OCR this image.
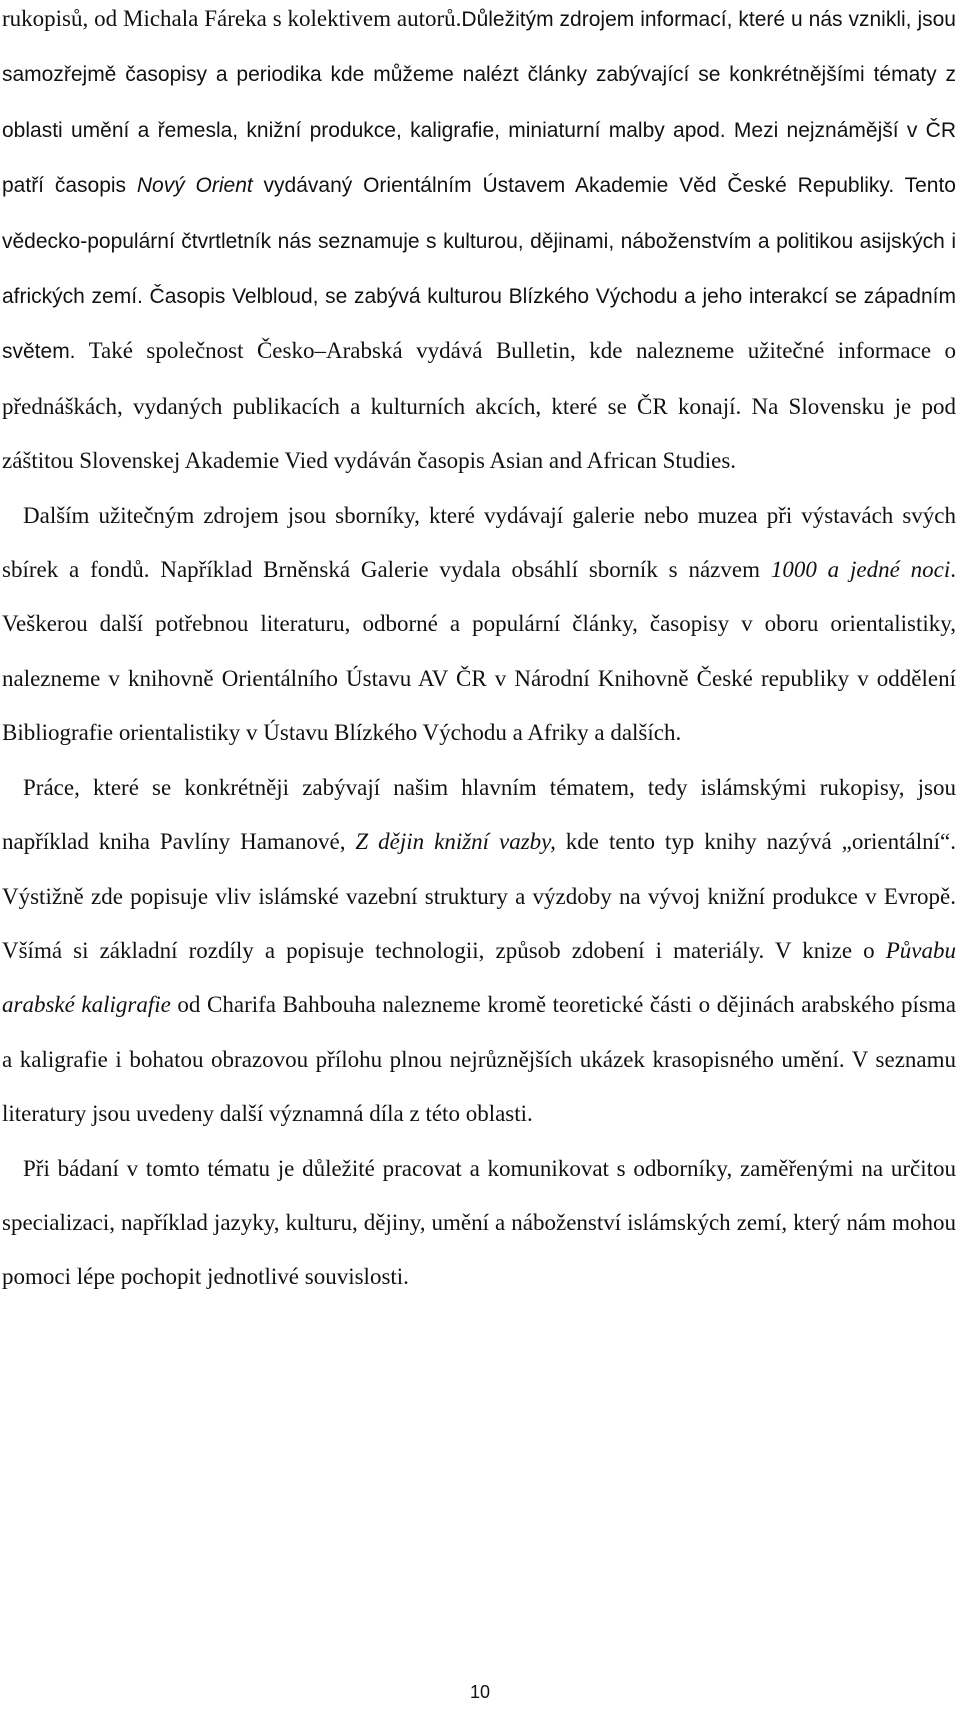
rukopisů, od Michala Fáreka s kolektivem autorů.Důležitým zdrojem informací, které u nás vznikli, jsou samozřejmě časopisy a periodika kde můžeme nalézt články zabývající se konkrétnějšími tématy z oblasti umění a řemesla, knižní produkce, kaligrafie, miniaturní malby apod. Mezi nejznámější v ČR patří časopis Nový Orient vydávaný Orientálním Ústavem Akademie Věd České Republiky. Tento vědecko-populární čtvrtletník nás seznamuje s kulturou, dějinami, náboženstvím a politikou asijských i afrických zemí. Časopis Velbloud, se zabývá kulturou Blízkého Východu a jeho interakcí se západním světem. Také společnost Česko–Arabská vydává Bulletin, kde nalezneme užitečné informace o přednáškách, vydaných publikacích a kulturních akcích, které se ČR konají. Na Slovensku je pod záštitou Slovenskej Akademie Vied vydáván časopis Asian and African Studies.

Dalším užitečným zdrojem jsou sborníky, které vydávají galerie nebo muzea při výstavách svých sbírek a fondů. Například Brněnská Galerie vydala obsáhlí sborník s názvem 1000 a jedné noci. Veškerou další potřebnou literaturu, odborné a populární články, časopisy v oboru orientalistiky, nalezneme v knihovně Orientálního Ústavu AV ČR v Národní Knihovně České republiky v oddělení Bibliografie orientalistiky v Ústavu Blízkého Východu a Afriky a dalších.

Práce, které se konkrétněji zabývají našim hlavním tématem, tedy islámskými rukopisy, jsou například kniha Pavlíny Hamanové, Z dějin knižní vazby, kde tento typ knihy nazývá „orientální“. Výstižně zde popisuje vliv islámské vazební struktury a výzdoby na vývoj knižní produkce v Evropě. Všímá si základní rozdíly a popisuje technologii, způsob zdobení i materiály. V knize o Půvabu arabské kaligrafie od Charifa Bahbouha nalezneme kromě teoretické části o dějinách arabského písma a kaligrafie i bohatou obrazovou přílohu plnou nejrůznějších ukázek krasopisného umění. V seznamu literatury jsou uvedeny další významná díla z této oblasti.

Při bádaní v tomto tématu je důležité pracovat a komunikovat s odborníky, zaměřenými na určitou specializaci, například jazyky, kulturu, dějiny, umění a náboženství islámských zemí, který nám mohou pomoci lépe pochopit jednotlivé souvislosti.

10
